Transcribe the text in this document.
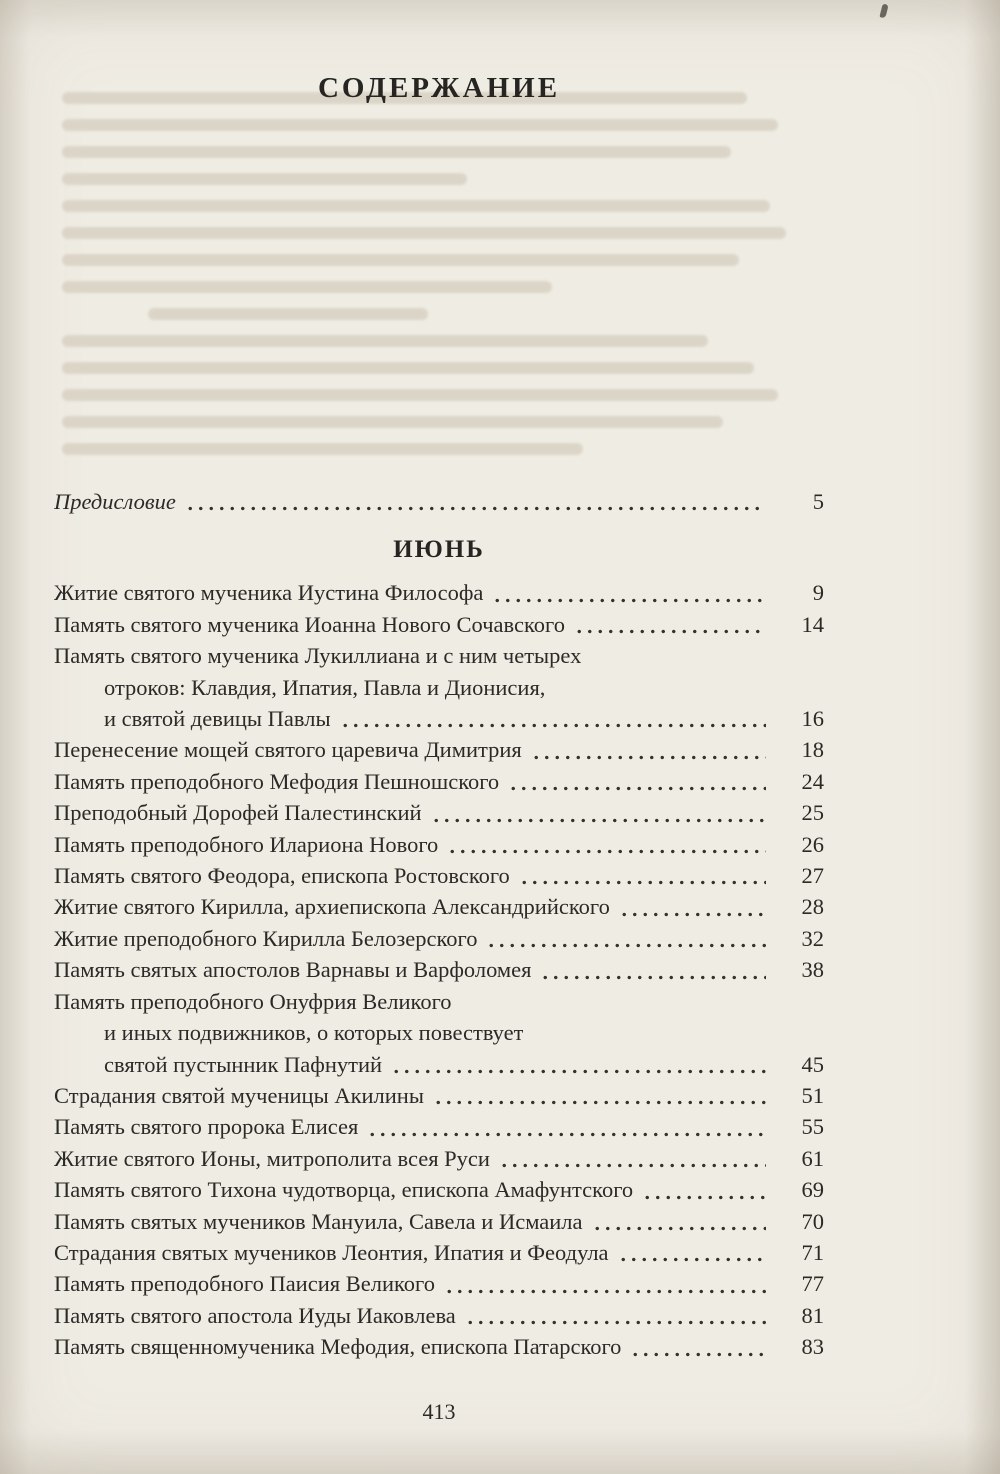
СОДЕРЖАНИЕ
Предисловие	5
ИЮНЬ
Житие святого мученика Иустина Философа	9
Память святого мученика Иоанна Нового Сочавского	14
Память святого мученика Лукиллиана и с ним четырех
отроков: Клавдия, Ипатия, Павла и Дионисия,
и святой девицы Павлы	16
Перенесение мощей святого царевича Димитрия	18
Память преподобного Мефодия Пешношского	24
Преподобный Дорофей Палестинский	25
Память преподобного Илариона Нового	26
Память святого Феодора, епископа Ростовского	27
Житие святого Кирилла, архиепископа Александрийского	28
Житие преподобного Кирилла Белозерского	32
Память святых апостолов Варнавы и Варфоломея	38
Память преподобного Онуфрия Великого
и иных подвижников, о которых повествует
святой пустынник Пафнутий	45
Страдания святой мученицы Акилины	51
Память святого пророка Елисея	55
Житие святого Ионы, митрополита всея Руси	61
Память святого Тихона чудотворца, епископа Амафунтского	69
Память святых мучеников Мануила, Савела и Исмаила	70
Страдания святых мучеников Леонтия, Ипатия и Феодула	71
Память преподобного Паисия Великого	77
Память святого апостола Иуды Иаковлева	81
Память священномученика Мефодия, епископа Патарского	83
413
